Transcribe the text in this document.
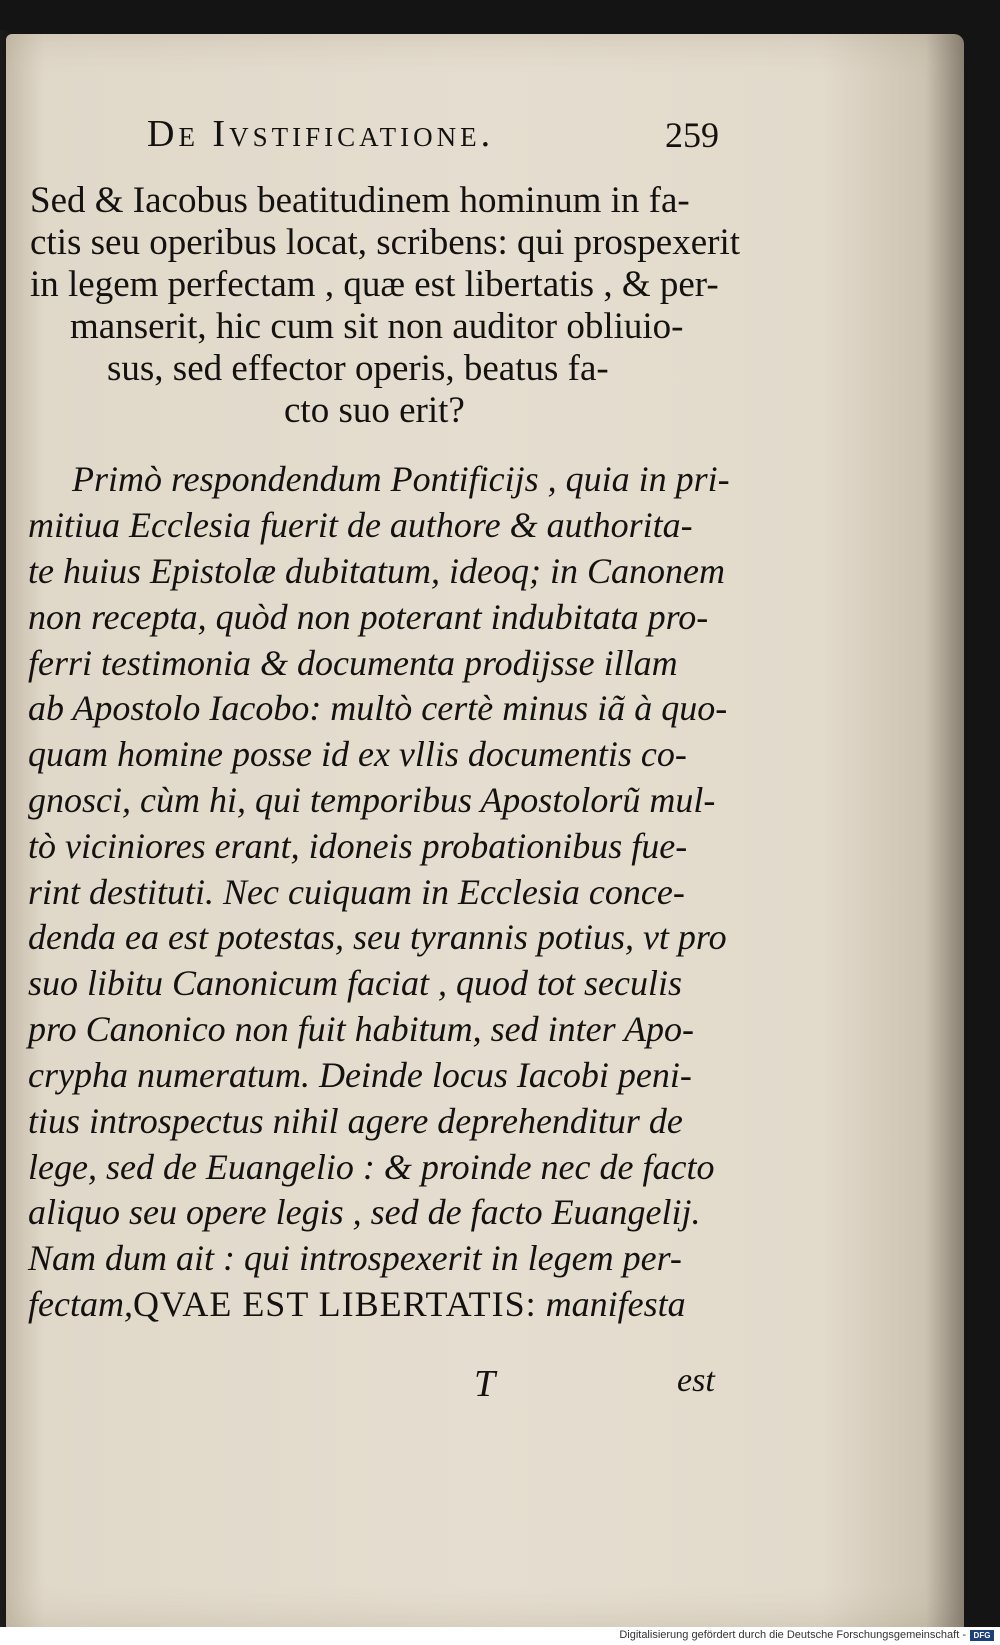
De Ivstificatione.	259
Sed & Iacobus beatitudinem hominum in fa-
ctis seu operibus locat, scribens: qui prospexerit
in legem perfectam , quæ est libertatis , & per-
manserit, hic cum sit non auditor obliuio-
sus, sed effector operis, beatus fa-
cto suo erit?
Primò respondendum Pontificijs , quia in pri-
mitiua Ecclesia fuerit de authore & authorita-
te huius Epistolæ dubitatum, ideoq; in Canonem
non recepta, quòd non poterant indubitata pro-
ferri testimonia & documenta prodijsse illam
ab Apostolo Iacobo: multò certè minus iã à quo-
quam homine posse id ex vllis documentis co-
gnosci, cùm hi, qui temporibus Apostolorũ mul-
tò viciniores erant, idoneis probationibus fue-
rint destituti. Nec cuiquam in Ecclesia conce-
denda ea est potestas, seu tyrannis potius, vt pro
suo libitu Canonicum faciat , quod tot seculis
pro Canonico non fuit habitum, sed inter Apo-
crypha numeratum. Deinde locus Iacobi peni-
tius introspectus nihil agere deprehenditur de
lege, sed de Euangelio : & proinde nec de facto
aliquo seu opere legis , sed de facto Euangelij.
Nam dum ait : qui introspexerit in legem per-
fectam,QVAE EST LIBERTATIS: manifesta
T	est
Digitalisierung gefördert durch die Deutsche Forschungsgemeinschaft - DFG
